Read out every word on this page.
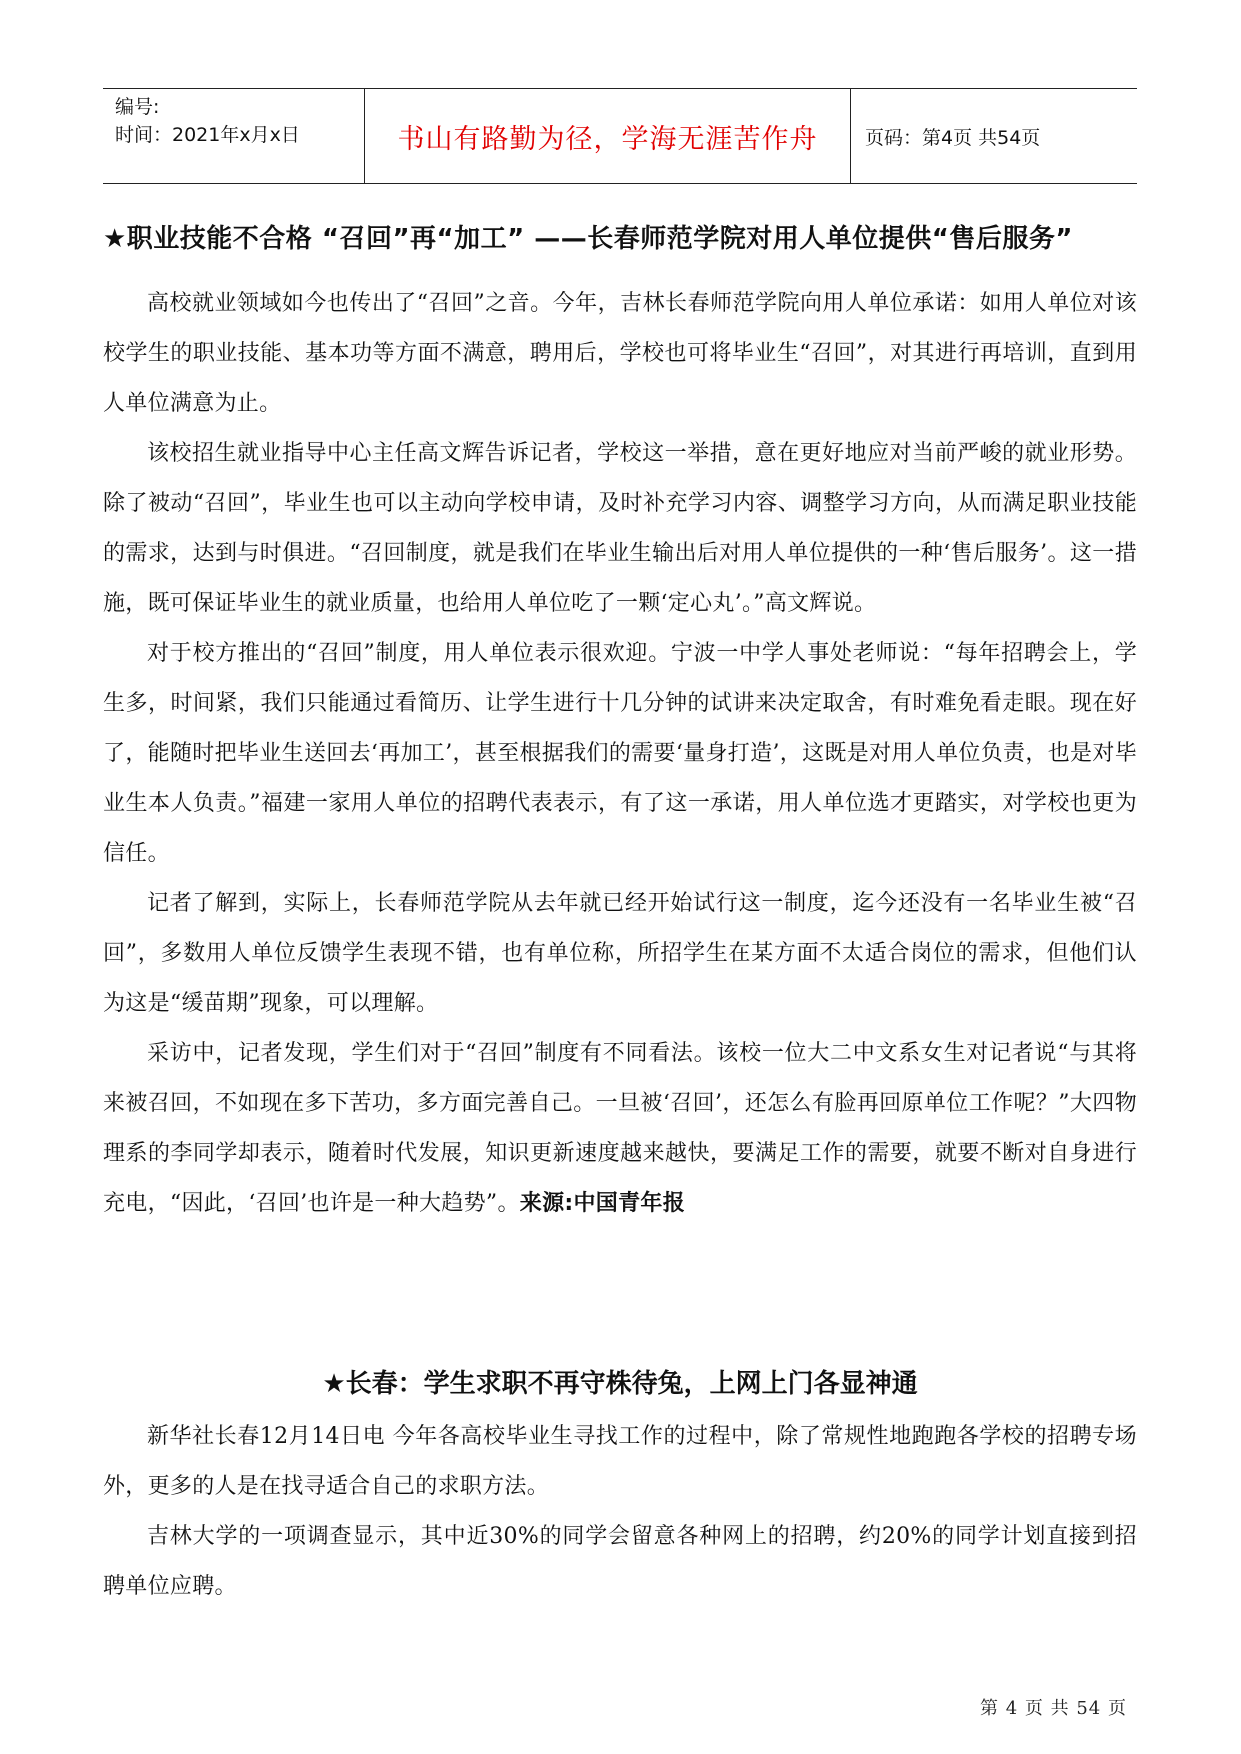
编号:
时间：2021年x月x日	书山有路勤为径，学海无涯苦作舟	页码：第4页 共54页
★职业技能不合格 “召回”再“加工” ——长春师范学院对用人单位提供“售后服务”

高校就业领域如今也传出了“召回”之音。今年，吉林长春师范学院向用人单位承诺：如用人单位对该校学生的职业技能、基本功等方面不满意，聘用后，学校也可将毕业生“召回”，对其进行再培训，直到用人单位满意为止。

该校招生就业指导中心主任高文辉告诉记者，学校这一举措，意在更好地应对当前严峻的就业形势。除了被动“召回”，毕业生也可以主动向学校申请，及时补充学习内容、调整学习方向，从而满足职业技能的需求，达到与时俱进。“召回制度，就是我们在毕业生输出后对用人单位提供的一种‘售后服务’。这一措施，既可保证毕业生的就业质量，也给用人单位吃了一颗‘定心丸’。”高文辉说。

对于校方推出的“召回”制度，用人单位表示很欢迎。宁波一中学人事处老师说：“每年招聘会上，学生多，时间紧，我们只能通过看简历、让学生进行十几分钟的试讲来决定取舍，有时难免看走眼。现在好了，能随时把毕业生送回去‘再加工’，甚至根据我们的需要‘量身打造’，这既是对用人单位负责，也是对毕业生本人负责。”福建一家用人单位的招聘代表表示，有了这一承诺，用人单位选才更踏实，对学校也更为信任。

记者了解到，实际上，长春师范学院从去年就已经开始试行这一制度，迄今还没有一名毕业生被“召回”，多数用人单位反馈学生表现不错，也有单位称，所招学生在某方面不太适合岗位的需求，但他们认为这是“缓苗期”现象，可以理解。

采访中，记者发现，学生们对于“召回”制度有不同看法。该校一位大二中文系女生对记者说“与其将来被召回，不如现在多下苦功，多方面完善自己。一旦被‘召回’，还怎么有脸再回原单位工作呢？”大四物理系的李同学却表示，随着时代发展，知识更新速度越来越快，要满足工作的需要，就要不断对自身进行充电，“因此，‘召回’也许是一种大趋势”。来源:中国青年报

★长春：学生求职不再守株待兔，上网上门各显神通

新华社长春12月14日电 今年各高校毕业生寻找工作的过程中，除了常规性地跑跑各学校的招聘专场外，更多的人是在找寻适合自己的求职方法。

吉林大学的一项调查显示，其中近30%的同学会留意各种网上的招聘，约20%的同学计划直接到招聘单位应聘。

第 4 页 共 54 页
